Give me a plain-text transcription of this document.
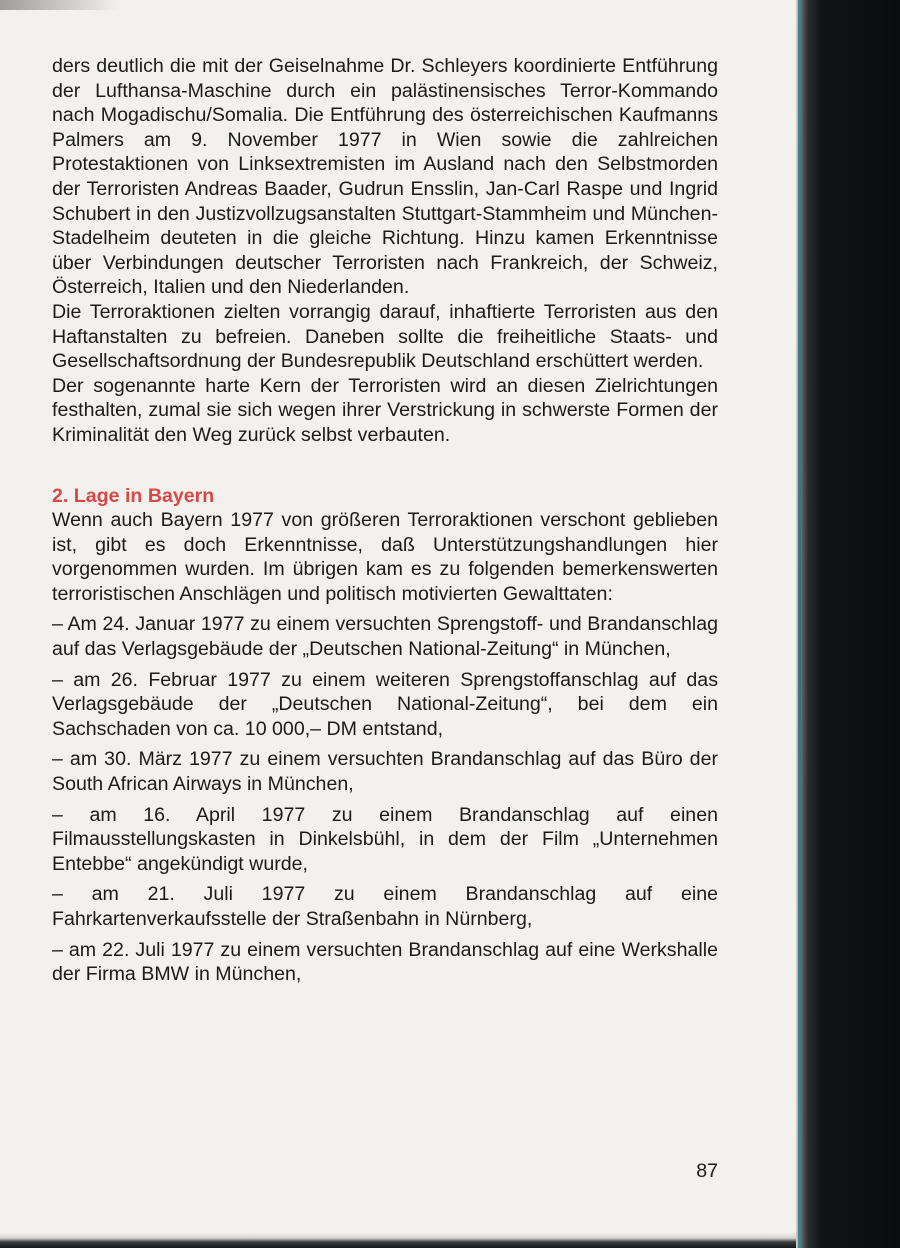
ders deutlich die mit der Geiselnahme Dr. Schleyers koordinierte Entführung der Lufthansa-Maschine durch ein palästinensisches Terror-Kommando nach Mogadischu/Somalia. Die Entführung des österreichischen Kaufmanns Palmers am 9. November 1977 in Wien sowie die zahlreichen Protestaktionen von Linksextremisten im Ausland nach den Selbstmorden der Terroristen Andreas Baader, Gudrun Ensslin, Jan-Carl Raspe und Ingrid Schubert in den Justizvollzugsanstalten Stuttgart-Stammheim und München-Stadelheim deuteten in die gleiche Richtung. Hinzu kamen Erkenntnisse über Verbindungen deutscher Terroristen nach Frankreich, der Schweiz, Österreich, Italien und den Niederlanden.

Die Terroraktionen zielten vorrangig darauf, inhaftierte Terroristen aus den Haftanstalten zu befreien. Daneben sollte die freiheitliche Staats- und Gesellschaftsordnung der Bundesrepublik Deutschland erschüttert werden.

Der sogenannte harte Kern der Terroristen wird an diesen Zielrichtungen festhalten, zumal sie sich wegen ihrer Verstrickung in schwerste Formen der Kriminalität den Weg zurück selbst verbauten.

2. Lage in Bayern

Wenn auch Bayern 1977 von größeren Terroraktionen verschont geblieben ist, gibt es doch Erkenntnisse, daß Unterstützungshandlungen hier vorgenommen wurden. Im übrigen kam es zu folgenden bemerkenswerten terroristischen Anschlägen und politisch motivierten Gewalttaten:

– Am 24. Januar 1977 zu einem versuchten Sprengstoff- und Brandanschlag auf das Verlagsgebäude der „Deutschen National-Zeitung“ in München,

– am 26. Februar 1977 zu einem weiteren Sprengstoffanschlag auf das Verlagsgebäude der „Deutschen National-Zeitung“, bei dem ein Sachschaden von ca. 10 000,– DM entstand,

– am 30. März 1977 zu einem versuchten Brandanschlag auf das Büro der South African Airways in München,

– am 16. April 1977 zu einem Brandanschlag auf einen Filmausstellungskasten in Dinkelsbühl, in dem der Film „Unternehmen Entebbe“ angekündigt wurde,

– am 21. Juli 1977 zu einem Brandanschlag auf eine Fahrkartenverkaufsstelle der Straßenbahn in Nürnberg,

– am 22. Juli 1977 zu einem versuchten Brandanschlag auf eine Werkshalle der Firma BMW in München,

87
